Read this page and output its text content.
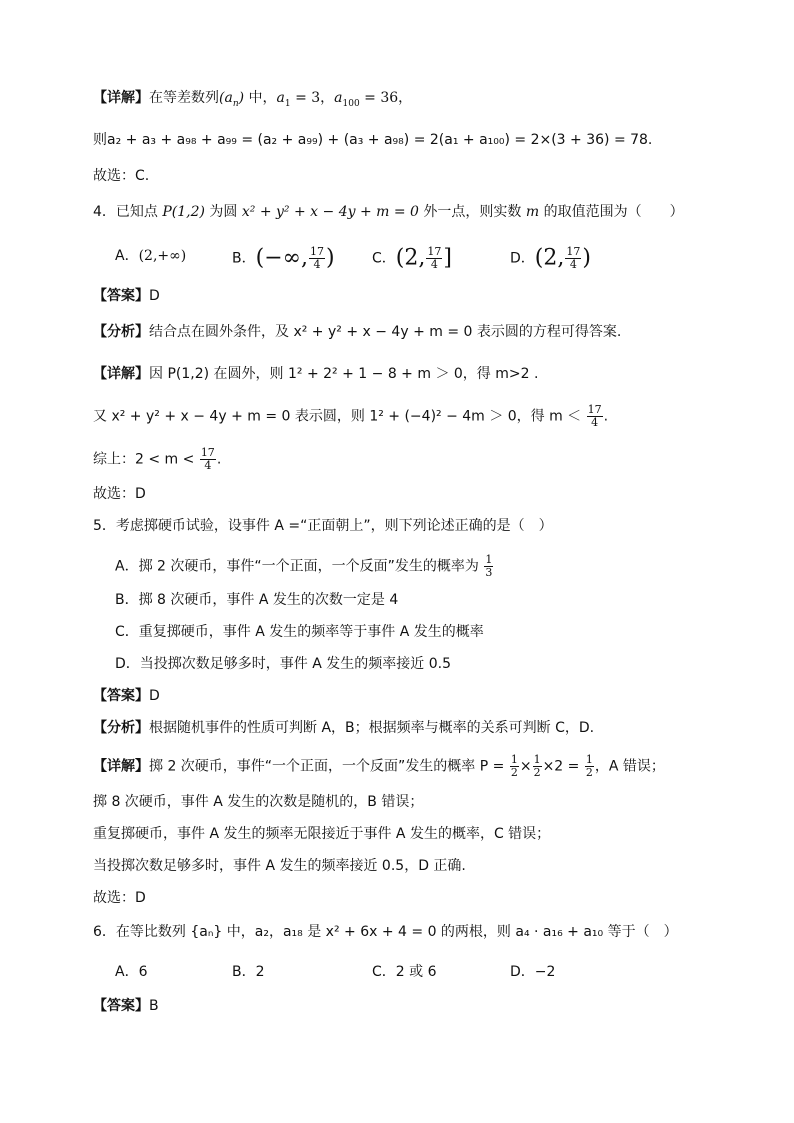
【详解】在等差数列$(a_n)$ 中，$a_1 = 3$，$a_{100} = 36$，
则a₂ + a₃ + a₉₈ + a₉₉ = (a₂ + a₉₉) + (a₃ + a₉₈) = 2(a₁ + a₁₀₀) = 2×(3 + 36) = 78.
故选：C.
4．已知点 P(1,2) 为圆 x² + y² + x − 4y + m = 0 外一点，则实数 m 的取值范围为（　　）
A．(2,+∞)	B．(−∞, $\frac{17}{4}$ )	C．(2, $\frac{17}{4}$ ]	D．(2, $\frac{17}{4}$ )
【答案】D
【分析】结合点在圆外条件，及 x² + y² + x − 4y + m = 0 表示圆的方程可得答案.
【详解】因 P(1,2) 在圆外，则 1² + 2² + 1 − 8 + m ＞ 0，得 m>2 .
又 x² + y² + x − 4y + m = 0 表示圆，则 1² + (−4)² − 4m ＞ 0，得 $m < \frac{17}{4}$ .
综上：$2 < m < \frac{17}{4}$ .
故选：D
5．考虑掷硬币试验，设事件 A =“正面朝上”，则下列论述正确的是（　）
A．掷 2 次硬币，事件“一个正面，一个反面”发生的概率为 $\frac{1}{3}$
B．掷 8 次硬币，事件 A 发生的次数一定是 4
C．重复掷硬币，事件 A 发生的频率等于事件 A 发生的概率
D．当投掷次数足够多时，事件 A 发生的频率接近 0.5
【答案】D
【分析】根据随机事件的性质可判断 A，B；根据频率与概率的关系可判断 C，D.
【详解】掷 2 次硬币，事件“一个正面，一个反面”发生的概率 $P = \frac{1}{2} \times \frac{1}{2} \times 2 = \frac{1}{2}$ ，A 错误；
掷 8 次硬币，事件 A 发生的次数是随机的，B 错误；
重复掷硬币，事件 A 发生的频率无限接近于事件 A 发生的概率，C 错误；
当投掷次数足够多时，事件 A 发生的频率接近 0.5，D 正确.
故选：D
6．在等比数列 {aₙ} 中，a₂，a₁₈ 是 x² + 6x + 4 = 0 的两根，则 a₄ · a₁₆ + a₁₀ 等于（　）
A．6	B．2	C．2 或 6	D．−2
【答案】B
